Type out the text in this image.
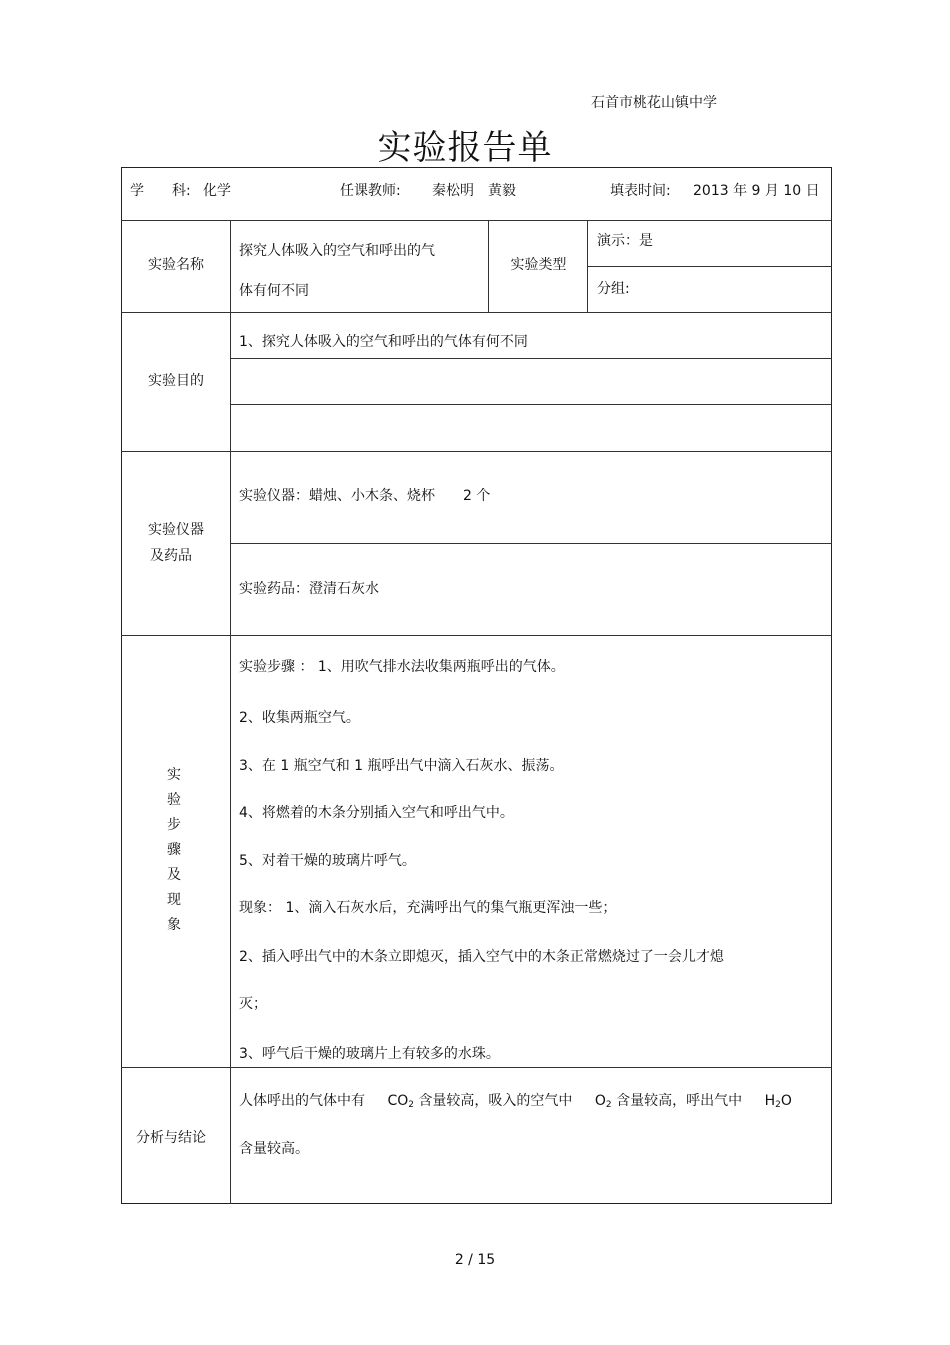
石首市桃花山镇中学
实验报告单
学　　科: 化学	任课教师: 秦松明　黄毅	填表时间: 2013 年 9 月 10 日
实验名称
探究人体吸入的空气和呼出的气
体有何不同
实验类型
演示：是
分组:
实验目的
1、探究人体吸入的空气和呼出的气体有何不同
实验仪器
及药品
实验仪器：蜡烛、小木条、烧杯　　2 个
实验药品：澄清石灰水
实
验
步
骤
及
现
象
实验步骤 ： 1、用吹气排水法收集两瓶呼出的气体。
2、收集两瓶空气。
3、在 1 瓶空气和 1 瓶呼出气中滴入石灰水、振荡。
4、将燃着的木条分别插入空气和呼出气中。
5、对着干燥的玻璃片呼气。
现象： 1、滴入石灰水后，充满呼出气的集气瓶更浑浊一些；
2、插入呼出气中的木条立即熄灭，插入空气中的木条正常燃烧过了一会儿才熄
灭；
3、呼气后干燥的玻璃片上有较多的水珠。
分析与结论
人体呼出的气体中有 $CO_2$ 含量较高，吸入的空气中 $O_2$ 含量较高，呼出气中 $H_2O$
含量较高。
2 / 15
